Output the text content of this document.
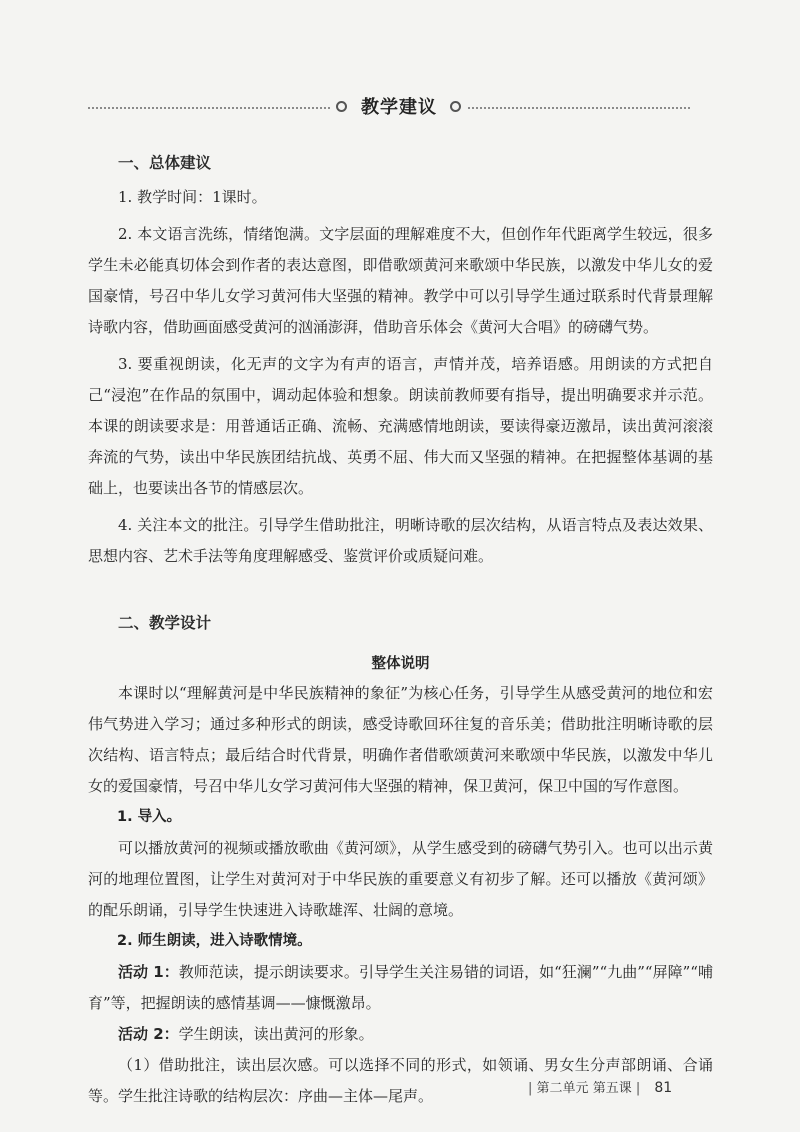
教学建议
一、总体建议

1. 教学时间：1课时。

2. 本文语言洗练，情绪饱满。文字层面的理解难度不大，但创作年代距离学生较远，很多学生未必能真切体会到作者的表达意图，即借歌颂黄河来歌颂中华民族，以激发中华儿女的爱国豪情，号召中华儿女学习黄河伟大坚强的精神。教学中可以引导学生通过联系时代背景理解诗歌内容，借助画面感受黄河的汹涌澎湃，借助音乐体会《黄河大合唱》的磅礴气势。

3. 要重视朗读，化无声的文字为有声的语言，声情并茂，培养语感。用朗读的方式把自己“浸泡”在作品的氛围中，调动起体验和想象。朗读前教师要有指导，提出明确要求并示范。本课的朗读要求是：用普通话正确、流畅、充满感情地朗读，要读得豪迈激昂，读出黄河滚滚奔流的气势，读出中华民族团结抗战、英勇不屈、伟大而又坚强的精神。在把握整体基调的基础上，也要读出各节的情感层次。

4. 关注本文的批注。引导学生借助批注，明晰诗歌的层次结构，从语言特点及表达效果、思想内容、艺术手法等角度理解感受、鉴赏评价或质疑问难。

二、教学设计
整体说明

本课时以“理解黄河是中华民族精神的象征”为核心任务，引导学生从感受黄河的地位和宏伟气势进入学习；通过多种形式的朗读，感受诗歌回环往复的音乐美；借助批注明晰诗歌的层次结构、语言特点；最后结合时代背景，明确作者借歌颂黄河来歌颂中华民族，以激发中华儿女的爱国豪情，号召中华儿女学习黄河伟大坚强的精神，保卫黄河，保卫中国的写作意图。

1. 导入。

可以播放黄河的视频或播放歌曲《黄河颂》，从学生感受到的磅礴气势引入。也可以出示黄河的地理位置图，让学生对黄河对于中华民族的重要意义有初步了解。还可以播放《黄河颂》的配乐朗诵，引导学生快速进入诗歌雄浑、壮阔的意境。

2. 师生朗读，进入诗歌情境。

活动 1：教师范读，提示朗读要求。引导学生关注易错的词语，如“狂澜”“九曲”“屏障”“哺育”等，把握朗读的感情基调——慷慨激昂。

活动 2：学生朗读，读出黄河的形象。

（1）借助批注，读出层次感。可以选择不同的形式，如领诵、男女生分声部朗诵、合诵等。学生批注诗歌的结构层次：序曲—主体—尾声。	| 第二单元 第五课 | 81
